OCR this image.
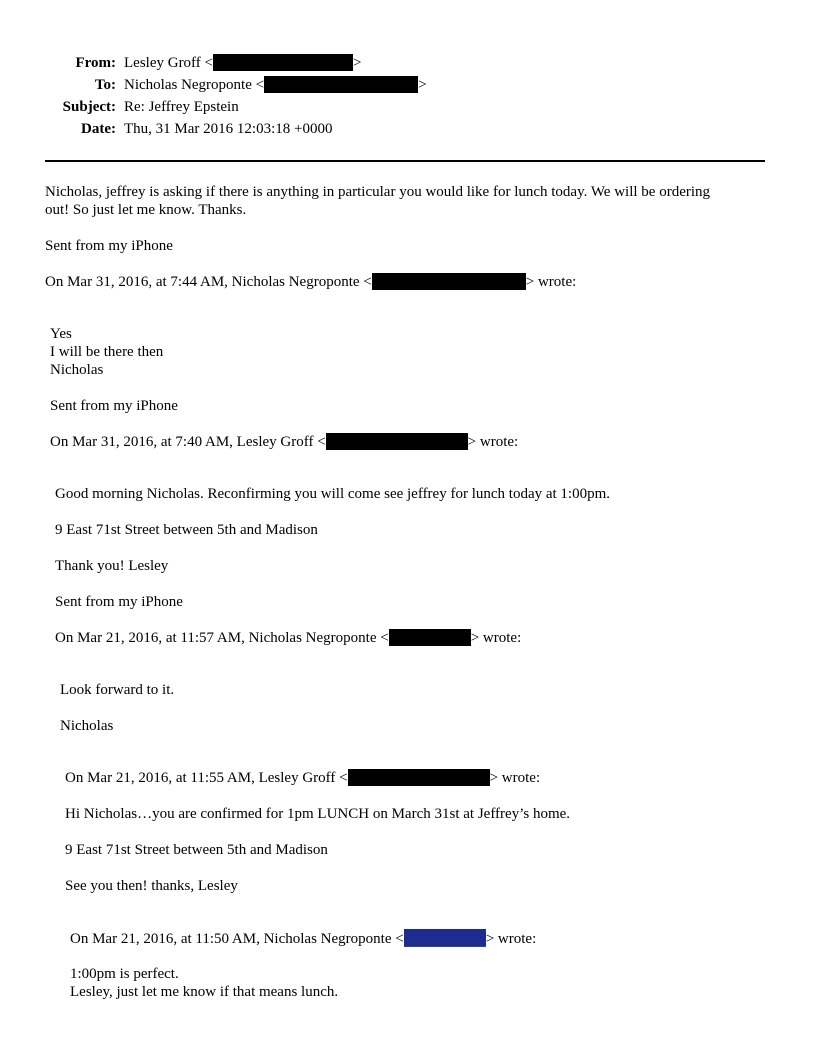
From: Lesley Groff <	>
To: Nicholas Negroponte <	>
Subject: Re: Jeffrey Epstein
Date: Thu, 31 Mar 2016 12:03:18 +0000
Nicholas, jeffrey is asking if there is anything in particular you would like for lunch today. We will be ordering
out! So just let me know. Thanks.
Sent from my iPhone
On Mar 31, 2016, at 7:44 AM, Nicholas Negroponte <	> wrote:
Yes
I will be there then
Nicholas
Sent from my iPhone
On Mar 31, 2016, at 7:40 AM, Lesley Groff <	> wrote:
Good morning Nicholas. Reconfirming you will come see jeffrey for lunch today at 1:00pm.
9 East 71st Street between 5th and Madison
Thank you! Lesley
Sent from my iPhone
On Mar 21, 2016, at 11:57 AM, Nicholas Negroponte <	> wrote:
Look forward to it.
Nicholas
On Mar 21, 2016, at 11:55 AM, Lesley Groff <	> wrote:
Hi Nicholas…you are confirmed for 1pm LUNCH on March 31st at Jeffrey’s home.
9 East 71st Street between 5th and Madison
See you then! thanks, Lesley
On Mar 21, 2016, at 11:50 AM, Nicholas Negroponte <	> wrote:
1:00pm is perfect.
Lesley, just let me know if that means lunch.
